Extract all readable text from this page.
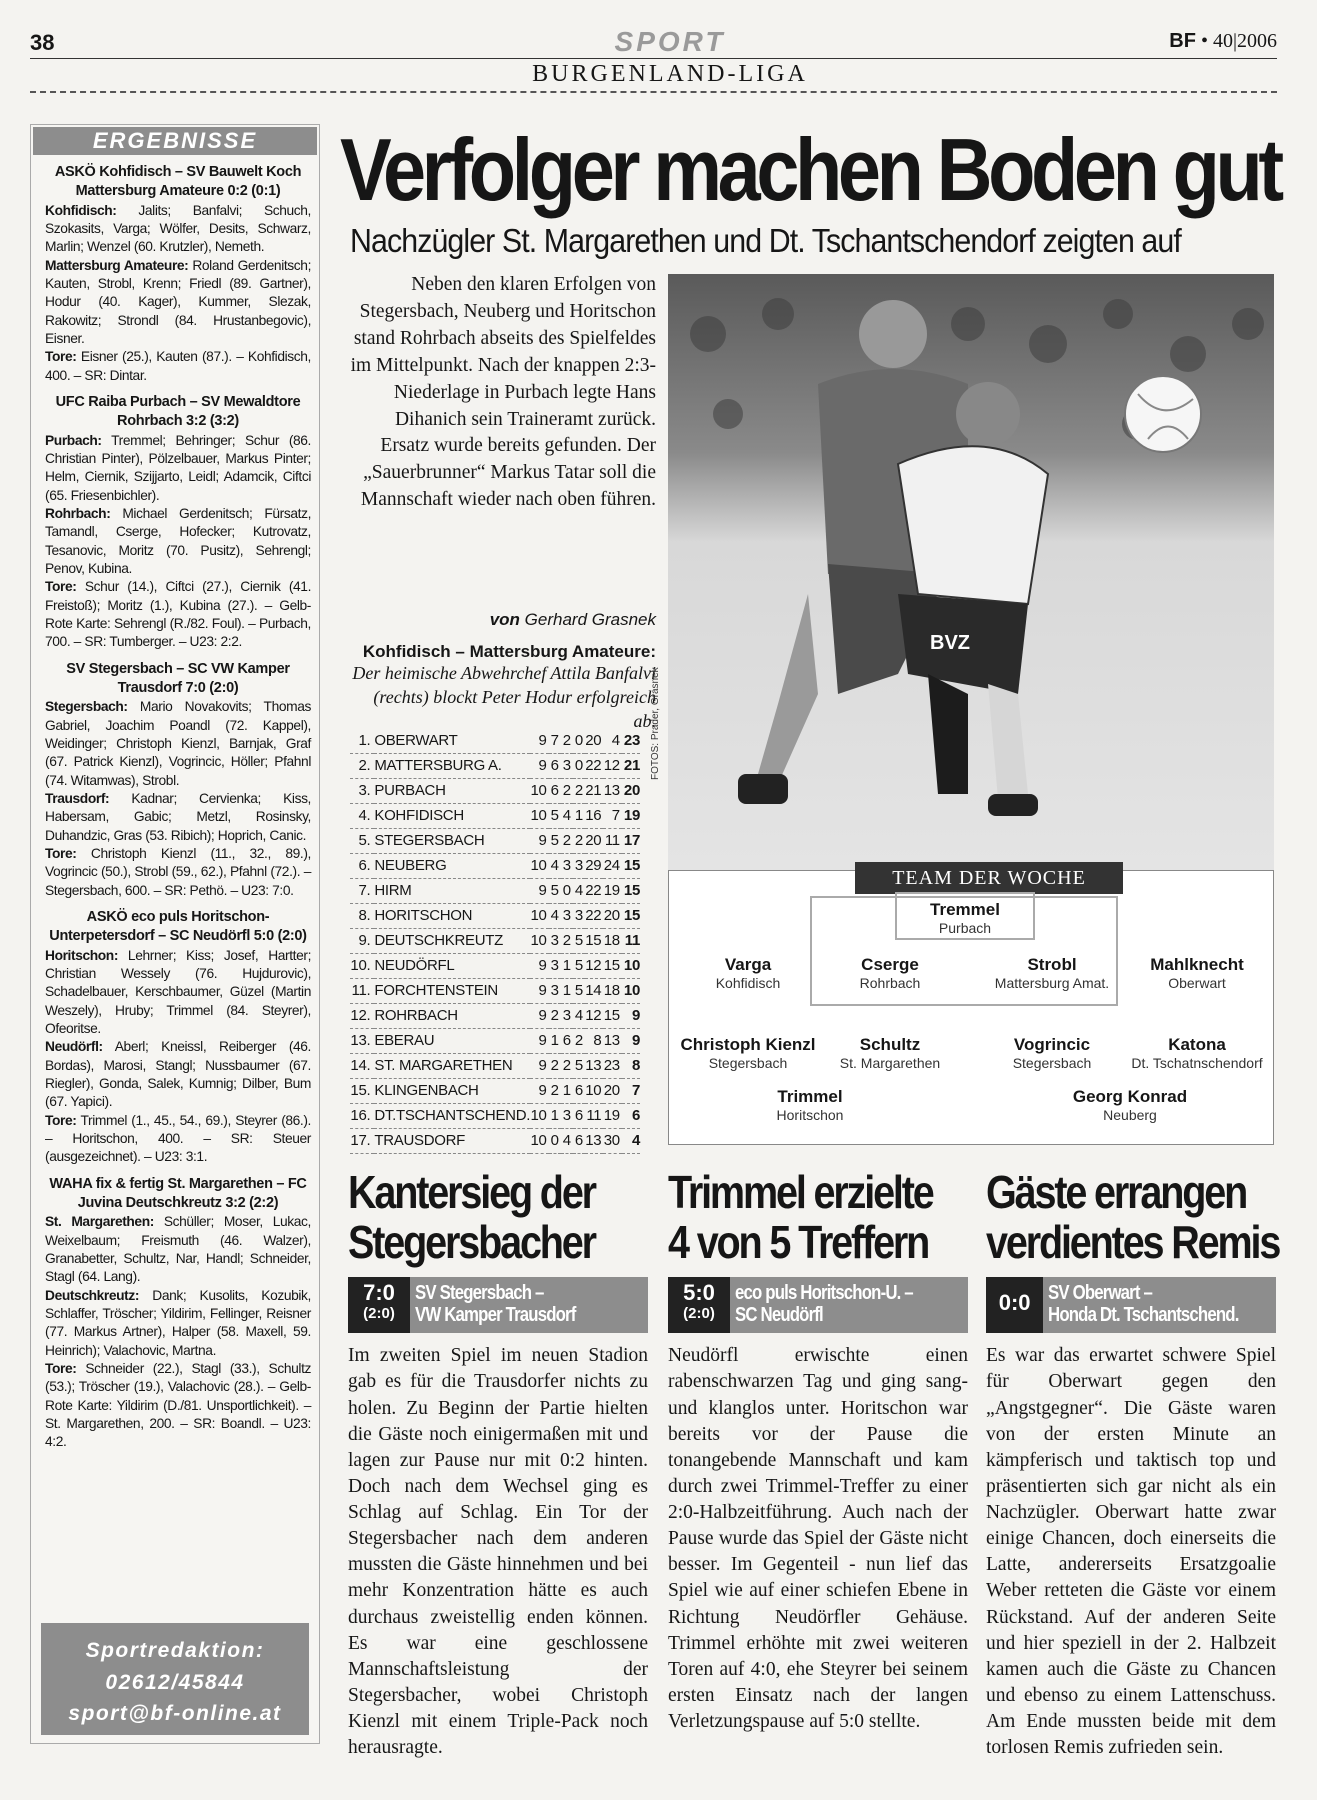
38	SPORT	BF • 40|2006
BURGENLAND-LIGA
ERGEBNISSE
ASKÖ Kohfidisch – SV Bauwelt Koch Mattersburg Amateure 0:2 (0:1)

Kohfidisch: Jalits; Banfalvi; Schuch, Szokasits, Varga; Wölfer, Desits, Schwarz, Marlin; Wenzel (60. Krutzler), Nemeth.

Mattersburg Amateure: Roland Gerdenitsch; Kauten, Strobl, Krenn; Friedl (89. Gartner), Hodur (40. Kager), Kummer, Slezak, Rakowitz; Strondl (84. Hrustanbegovic), Eisner.

Tore: Eisner (25.), Kauten (87.). – Kohfidisch, 400. – SR: Dintar.

UFC Raiba Purbach – SV Mewaldtore Rohrbach 3:2 (3:2)

Purbach: Tremmel; Behringer; Schur (86. Christian Pinter), Pölzelbauer, Markus Pinter; Helm, Ciernik, Szijjarto, Leidl; Adamcik, Ciftci (65. Friesenbichler).

Rohrbach: Michael Gerdenitsch; Fürsatz, Tamandl, Cserge, Hofecker; Kutrovatz, Tesanovic, Moritz (70. Pusitz), Sehrengl; Penov, Kubina.

Tore: Schur (14.), Ciftci (27.), Ciernik (41. Freistoß); Moritz (1.), Kubina (27.). – Gelb-Rote Karte: Sehrengl (R./82. Foul). – Purbach, 700. – SR: Tumberger. – U23: 2:2.

SV Stegersbach – SC VW Kamper Trausdorf 7:0 (2:0)

Stegersbach: Mario Novakovits; Thomas Gabriel, Joachim Poandl (72. Kappel), Weidinger; Christoph Kienzl, Barnjak, Graf (67. Patrick Kienzl), Vogrincic, Höller; Pfahnl (74. Witamwas), Strobl.

Trausdorf: Kadnar; Cervienka; Kiss, Habersam, Gabic; Metzl, Rosinsky, Duhandzic, Gras (53. Ribich); Hoprich, Canic.

Tore: Christoph Kienzl (11., 32., 89.), Vogrincic (50.), Strobl (59., 62.), Pfahnl (72.). – Stegersbach, 600. – SR: Pethö. – U23: 7:0.

ASKÖ eco puls Horitschon-Unterpetersdorf – SC Neudörfl 5:0 (2:0)

Horitschon: Lehrner; Kiss; Josef, Hartter; Christian Wessely (76. Hujdurovic), Schadelbauer, Kerschbaumer, Güzel (Martin Weszely), Hruby; Trimmel (84. Steyrer), Ofeoritse.

Neudörfl: Aberl; Kneissl, Reiberger (46. Bordas), Marosi, Stangl; Nussbaumer (67. Riegler), Gonda, Salek, Kumnig; Dilber, Bum (67. Yapici).

Tore: Trimmel (1., 45., 54., 69.), Steyrer (86.). – Horitschon, 400. – SR: Steuer (ausgezeichnet). – U23: 3:1.

WAHA fix & fertig St. Margarethen – FC Juvina Deutschkreutz 3:2 (2:2)

St. Margarethen: Schüller; Moser, Lukac, Weixelbaum; Freismuth (46. Walzer), Granabetter, Schultz, Nar, Handl; Schneider, Stagl (64. Lang).

Deutschkreutz: Dank; Kusolits, Kozubik, Schlaffer, Tröscher; Yildirim, Fellinger, Reisner (77. Markus Artner), Halper (58. Maxell, 59. Heinrich); Valachovic, Martna.

Tore: Schneider (22.), Stagl (33.), Schultz (53.); Tröscher (19.), Valachovic (28.). – Gelb-Rote Karte: Yildirim (D./81. Unsportlichkeit). – St. Margarethen, 200. – SR: Boandl. – U23: 4:2.

Sportredaktion:
02612/45844
sport@bf-online.at
Verfolger machen Boden gut
Nachzügler St. Margarethen und Dt. Tschantschendorf zeigten auf
Neben den klaren Erfolgen von Stegersbach, Neuberg und Horitschon stand Rohrbach abseits des Spielfeldes im Mittelpunkt. Nach der knappen 2:3-Niederlage in Purbach legte Hans Dihanich sein Traineramt zurück. Ersatz wurde bereits gefunden. Der „Sauerbrunner“ Markus Tatar soll die Mannschaft wieder nach oben führen.
von Gerhard Grasnek
Kohfidisch – Mattersburg Amateure:
Der heimische Abwehrchef Attila Banfalvi (rechts) blockt Peter Hodur erfolgreich ab.
BVZ
FOTOS: Prader, Grasnek
1.	OBERWART	9	7	2	0	20	4	23
2.	MATTERSBURG A.	9	6	3	0	22	12	21
3.	PURBACH	10	6	2	2	21	13	20
4.	KOHFIDISCH	10	5	4	1	16	7	19
5.	STEGERSBACH	9	5	2	2	20	11	17
6.	NEUBERG	10	4	3	3	29	24	15
7.	HIRM	9	5	0	4	22	19	15
8.	HORITSCHON	10	4	3	3	22	20	15
9.	DEUTSCHKREUTZ	10	3	2	5	15	18	11
10.	NEUDÖRFL	9	3	1	5	12	15	10
11.	FORCHTENSTEIN	9	3	1	5	14	18	10
12.	ROHRBACH	9	2	3	4	12	15	9
13.	EBERAU	9	1	6	2	8	13	9
14.	ST. MARGARETHEN	9	2	2	5	13	23	8
15.	KLINGENBACH	9	2	1	6	10	20	7
16.	DT.TSCHANTSCHEND.	10	1	3	6	11	19	6
17.	TRAUSDORF	10	0	4	6	13	30	4
TEAM DER WOCHE
Tremmel
Purbach
Varga
Kohfidisch
Cserge
Rohrbach
Strobl
Mattersburg Amat.
Mahlknecht
Oberwart
Christoph Kienzl
Stegersbach
Schultz
St. Margarethen
Vogrincic
Stegersbach
Katona
Dt. Tschatnschendorf
Trimmel
Horitschon
Georg Konrad
Neuberg
Kantersieg der
Stegersbacher
7:0
(2:0)
SV Stegersbach –
VW Kamper Trausdorf

Im zweiten Spiel im neuen Stadion gab es für die Trausdorfer nichts zu holen. Zu Beginn der Partie hielten die Gäste noch einigermaßen mit und lagen zur Pause nur mit 0:2 hinten. Doch nach dem Wechsel ging es Schlag auf Schlag. Ein Tor der Stegersbacher nach dem anderen mussten die Gäste hinnehmen und bei mehr Konzentration hätte es auch durchaus zweistellig enden können. Es war eine geschlossene Mannschaftsleistung der Stegersbacher, wobei Christoph Kienzl mit einem Triple-Pack noch herausragte.

Trimmel erzielte
4 von 5 Treffern
5:0
(2:0)
eco puls Horitschon-U. –
SC Neudörfl

Neudörfl erwischte einen rabenschwarzen Tag und ging sang- und klanglos unter. Horitschon war bereits vor der Pause die tonangebende Mannschaft und kam durch zwei Trimmel-Treffer zu einer 2:0-Halbzeitführung. Auch nach der Pause wurde das Spiel der Gäste nicht besser. Im Gegenteil - nun lief das Spiel wie auf einer schiefen Ebene in Richtung Neudörfler Gehäuse. Trimmel erhöhte mit zwei weiteren Toren auf 4:0, ehe Steyrer bei seinem ersten Einsatz nach der langen Verletzungspause auf 5:0 stellte.

Gäste errangen
verdientes Remis
0:0 SV Oberwart –
Honda Dt. Tschantschend.

Es war das erwartet schwere Spiel für Oberwart gegen den „Angstgegner“. Die Gäste waren von der ersten Minute an kämpferisch und taktisch top und präsentierten sich gar nicht als ein Nachzügler. Oberwart hatte zwar einige Chancen, doch einerseits die Latte, andererseits Ersatzgoalie Weber retteten die Gäste vor einem Rückstand. Auf der anderen Seite und hier speziell in der 2. Halbzeit kamen auch die Gäste zu Chancen und ebenso zu einem Lattenschuss. Am Ende mussten beide mit dem torlosen Remis zufrieden sein.
